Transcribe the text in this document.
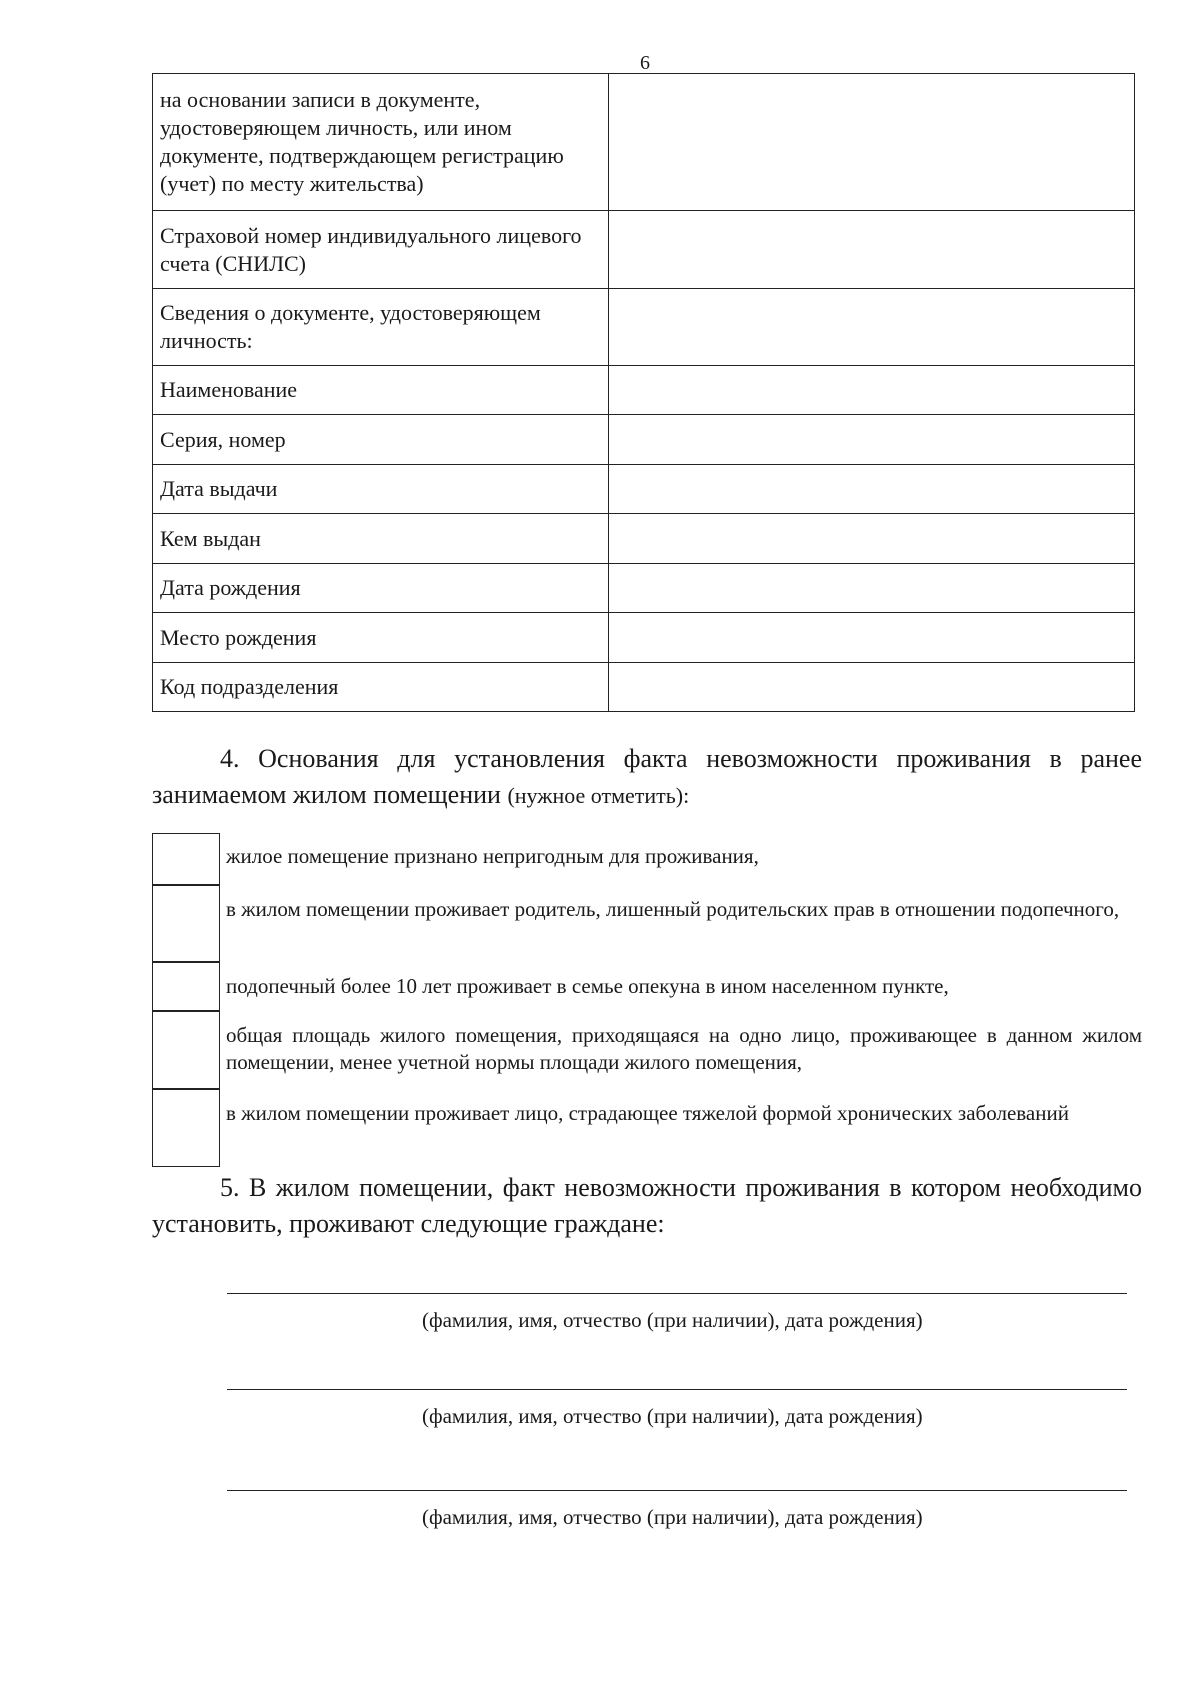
6
на основании записи в документе, удостоверяющем личность, или ином документе, подтверждающем регистрацию (учет) по месту жительства)	
Страховой номер индивидуального лицевого счета (СНИЛС)	
Сведения о документе, удостоверяющем личность:	
Наименование	
Серия, номер	
Дата выдачи	
Кем выдан	
Дата рождения	
Место рождения	
Код подразделения	
4. Основания для установления факта невозможности проживания в ранее занимаемом жилом помещении (нужное отметить):
жилое помещение признано непригодным для проживания,
в жилом помещении проживает родитель, лишенный родительских прав в отношении подопечного,
подопечный более 10 лет проживает в семье опекуна в ином населенном пункте,
общая площадь жилого помещения, приходящаяся на одно лицо, проживающее в данном жилом помещении, менее учетной нормы площади жилого помещения,
в жилом помещении проживает лицо, страдающее тяжелой формой хронических заболеваний
5. В жилом помещении, факт невозможности проживания в котором необходимо установить, проживают следующие граждане:
(фамилия, имя, отчество (при наличии), дата рождения)
(фамилия, имя, отчество (при наличии), дата рождения)
(фамилия, имя, отчество (при наличии), дата рождения)
